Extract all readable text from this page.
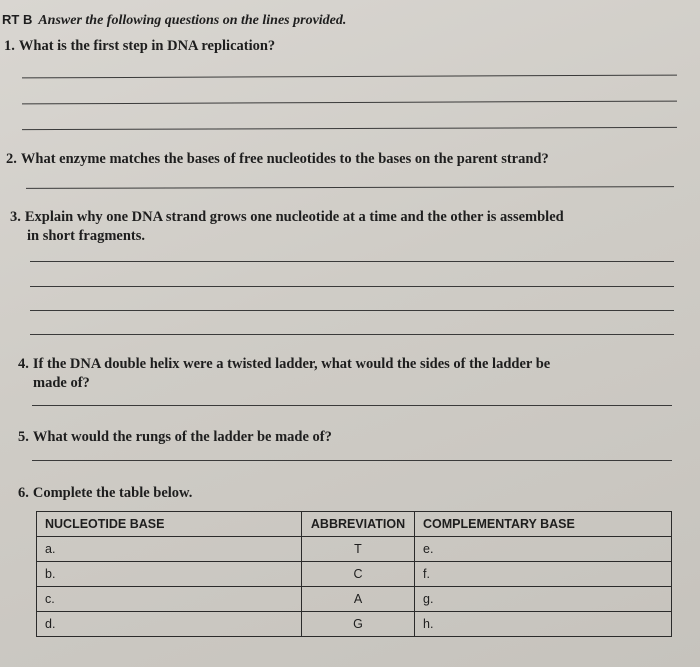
RT B Answer the following questions on the lines provided.
1. What is the first step in DNA replication?
2. What enzyme matches the bases of free nucleotides to the bases on the parent strand?
3. Explain why one DNA strand grows one nucleotide at a time and the other is assembled
in short fragments.
4. If the DNA double helix were a twisted ladder, what would the sides of the ladder be
made of?
5. What would the rungs of the ladder be made of?
6. Complete the table below.
NUCLEOTIDE BASE	ABBREVIATION	COMPLEMENTARY BASE
a.	T	e.
b.	C	f.
c.	A	g.
d.	G	h.
